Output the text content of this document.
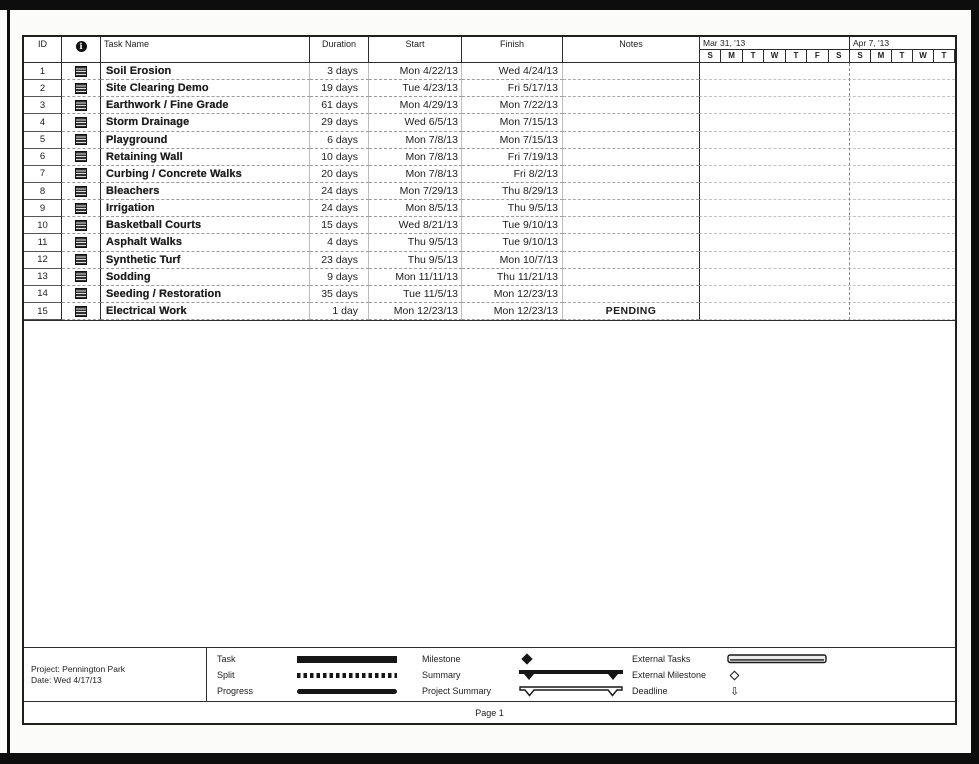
ID	i	Task Name	Duration	Start	Finish	Notes	Mar 31, '13	Apr 7, '13
S	M	T	W	T	F	S	S	M	T	W	T
1	Soil Erosion	3 days	Mon 4/22/13	Wed 4/24/13
2	Site Clearing Demo	19 days	Tue 4/23/13	Fri 5/17/13
3	Earthwork / Fine Grade	61 days	Mon 4/29/13	Mon 7/22/13
4	Storm Drainage	29 days	Wed 6/5/13	Mon 7/15/13
5	Playground	6 days	Mon 7/8/13	Mon 7/15/13
6	Retaining Wall	10 days	Mon 7/8/13	Fri 7/19/13
7	Curbing / Concrete Walks	20 days	Mon 7/8/13	Fri 8/2/13
8	Bleachers	24 days	Mon 7/29/13	Thu 8/29/13
9	Irrigation	24 days	Mon 8/5/13	Thu 9/5/13
10	Basketball Courts	15 days	Wed 8/21/13	Tue 9/10/13
11	Asphalt Walks	4 days	Thu 9/5/13	Tue 9/10/13
12	Synthetic Turf	23 days	Thu 9/5/13	Mon 10/7/13
13	Sodding	9 days	Mon 11/11/13	Thu 11/21/13
14	Seeding / Restoration	35 days	Tue 11/5/13	Mon 12/23/13
15	Electrical Work	1 day	Mon 12/23/13	Mon 12/23/13	PENDING
Project: Pennington Park
Date: Wed 4/17/13
Task
Split
Progress
Milestone
Summary
Project Summary
External Tasks
External Milestone
Deadline	⇩
Page 1
